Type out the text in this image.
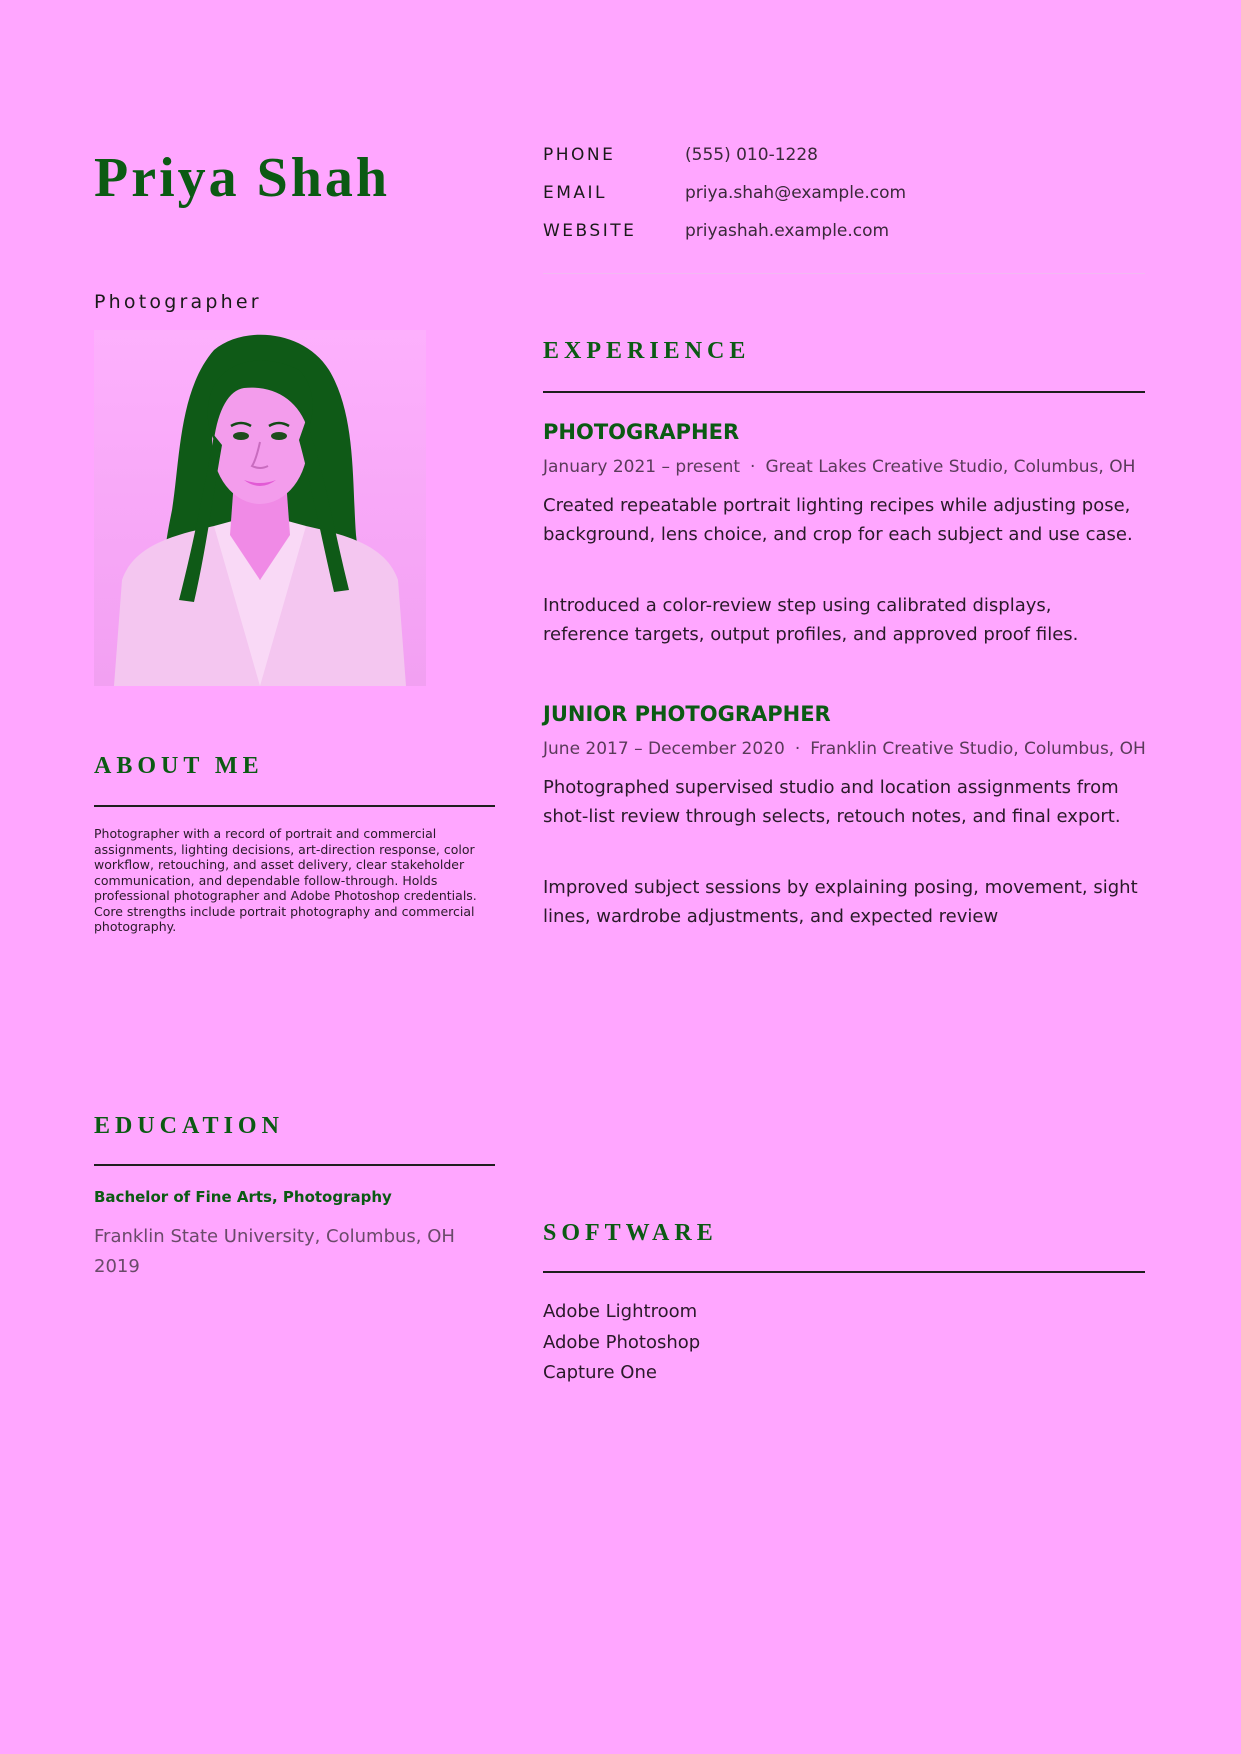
Priya Shah
Photographer
PHONE	(555) 010-1228
EMAIL	priya.shah@example.com
WEBSITE	priyashah.example.com
EXPERIENCE
PHOTOGRAPHER
January 2021 – present · Great Lakes Creative Studio, Columbus, OH
Created repeatable portrait lighting recipes while adjusting pose, background, lens choice, and crop for each subject and use case.
Introduced a color-review step using calibrated displays, reference targets, output profiles, and approved proof files.
JUNIOR PHOTOGRAPHER
June 2017 – December 2020 · Franklin Creative Studio, Columbus, OH
Photographed supervised studio and location assignments from shot-list review through selects, retouch notes, and final export.
Improved subject sessions by explaining posing, movement, sight lines, wardrobe adjustments, and expected review
ABOUT ME
Photographer with a record of portrait and commercial assignments, lighting decisions, art-direction response, color workflow, retouching, and asset delivery, clear stakeholder communication, and dependable follow-through. Holds professional photographer and Adobe Photoshop credentials. Core strengths include portrait photography and commercial photography.
EDUCATION
Bachelor of Fine Arts, Photography
Franklin State University, Columbus, OH
2019
SOFTWARE
Adobe Lightroom
Adobe Photoshop
Capture One
